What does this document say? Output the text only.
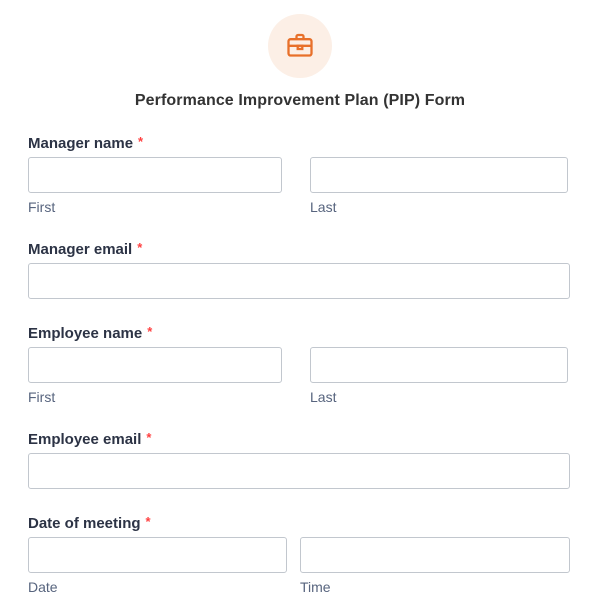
Performance Improvement Plan (PIP) Form
Manager name *
First	Last
Manager email *
Employee name *
First	Last
Employee email *
Date of meeting *
Date	Time
